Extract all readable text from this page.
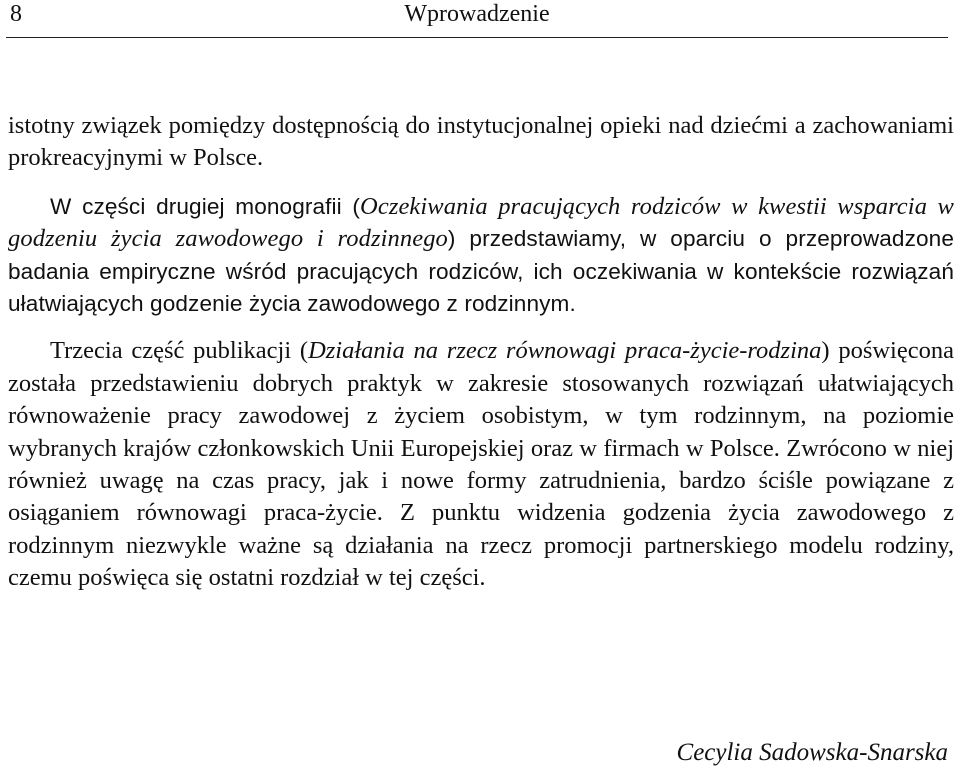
8	Wprowadzenie

istotny związek pomiędzy dostępnością do instytucjonalnej opieki nad dziećmi a zachowaniami prokreacyjnymi w Polsce.

W części drugiej monografii (Oczekiwania pracujących rodziców w kwestii wsparcia w godzeniu życia zawodowego i rodzinnego) przedstawiamy, w oparciu o przeprowadzone badania empiryczne wśród pracujących rodziców, ich oczekiwania w kontekście rozwiązań ułatwiających godzenie życia zawodowego z rodzinnym.

Trzecia część publikacji (Działania na rzecz równowagi praca-życie-rodzina) poświęcona została przedstawieniu dobrych praktyk w zakresie stosowanych rozwiązań ułatwiających równoważenie pracy zawodowej z życiem osobistym, w tym rodzinnym, na poziomie wybranych krajów członkowskich Unii Europejskiej oraz w firmach w Polsce. Zwrócono w niej również uwagę na czas pracy, jak i nowe formy zatrudnienia, bardzo ściśle powiązane z osiąganiem równowagi praca-życie. Z punktu widzenia godzenia życia zawodowego z rodzinnym niezwykle ważne są działania na rzecz promocji partnerskiego modelu rodziny, czemu poświęca się ostatni rozdział w tej części.

Cecylia Sadowska-Snarska
